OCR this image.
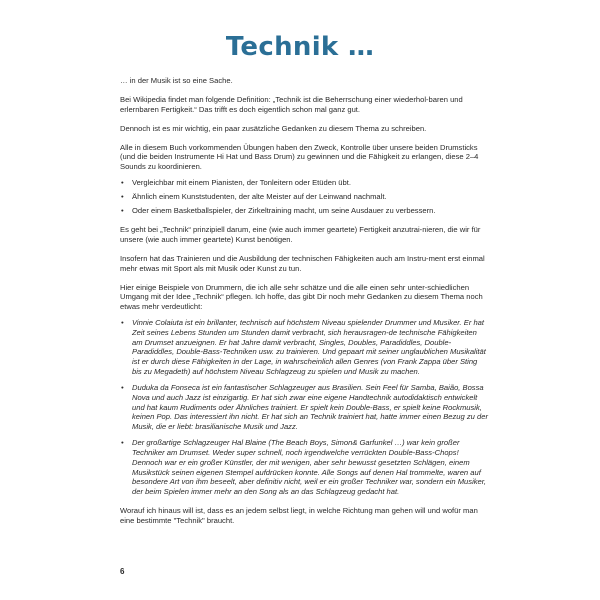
Technik …

… in der Musik ist so eine Sache.

Bei Wikipedia findet man folgende Definition: „Technik ist die Beherrschung einer wiederhol-baren und erlernbaren Fertigkeit.“ Das trifft es doch eigentlich schon mal ganz gut.

Dennoch ist es mir wichtig, ein paar zusätzliche Gedanken zu diesem Thema zu schreiben.

Alle in diesem Buch vorkommenden Übungen haben den Zweck, Kontrolle über unsere beiden Drumsticks (und die beiden Instrumente Hi Hat und Bass Drum) zu gewinnen und die Fähigkeit zu erlangen, diese 2–4 Sounds zu koordinieren.

• Vergleichbar mit einem Pianisten, der Tonleitern oder Etüden übt.
• Ähnlich einem Kunststudenten, der alte Meister auf der Leinwand nachmalt.
• Oder einem Basketballspieler, der Zirkeltraining macht, um seine Ausdauer zu verbessern.

Es geht bei „Technik“ prinzipiell darum, eine (wie auch immer geartete) Fertigkeit anzutrai-nieren, die wir für unsere (wie auch immer geartete) Kunst benötigen.

Insofern hat das Trainieren und die Ausbildung der technischen Fähigkeiten auch am Instru-ment erst einmal mehr etwas mit Sport als mit Musik oder Kunst zu tun.

Hier einige Beispiele von Drummern, die ich alle sehr schätze und die alle einen sehr unter-schiedlichen Umgang mit der Idee „Technik“ pflegen. Ich hoffe, das gibt Dir noch mehr Gedanken zu diesem Thema noch etwas mehr verdeutlicht:

• Vinnie Colaiuta ist ein brillanter, technisch auf höchstem Niveau spielender Drummer und Musiker. Er hat Zeit seines Lebens Stunden um Stunden damit verbracht, sich herausragen-de technische Fähigkeiten am Drumset anzueignen. Er hat Jahre damit verbracht, Singles, Doubles, Paradiddles, Double-Paradiddles, Double-Bass-Techniken usw. zu trainieren. Und gepaart mit seiner unglaublichen Musikalität ist er durch diese Fähigkeiten in der Lage, in wahrscheinlich allen Genres (von Frank Zappa über Sting bis zu Megadeth) auf höchstem Niveau Schlagzeug zu spielen und Musik zu machen.
• Duduka da Fonseca ist ein fantastischer Schlagzeuger aus Brasilien. Sein Feel für Samba, Baião, Bossa Nova und auch Jazz ist einzigartig. Er hat sich zwar eine eigene Handtechnik autodidaktisch entwickelt und hat kaum Rudiments oder Ähnliches trainiert. Er spielt kein Double-Bass, er spielt keine Rockmusik, keinen Pop. Das interessiert ihn nicht. Er hat sich an Technik trainiert hat, hatte immer einen Bezug zu der Musik, die er liebt: brasilianische Musik und Jazz.
• Der großartige Schlagzeuger Hal Blaine (The Beach Boys, Simon& Garfunkel …) war kein großer Techniker am Drumset. Weder super schnell, noch irgendwelche verrückten Double-Bass-Chops! Dennoch war er ein großer Künstler, der mit wenigen, aber sehr bewusst gesetzten Schlägen, einem Musikstück seinen eigenen Stempel aufdrücken konnte. Alle Songs auf denen Hal trommelte, waren auf besondere Art von ihm beseelt, aber definitiv nicht, weil er ein großer Techniker war, sondern ein Musiker, der beim Spielen immer mehr an den Song als an das Schlagzeug gedacht hat.

Worauf ich hinaus will ist, dass es an jedem selbst liegt, in welche Richtung man gehen will und wofür man eine bestimmte "Technik" braucht.

6
